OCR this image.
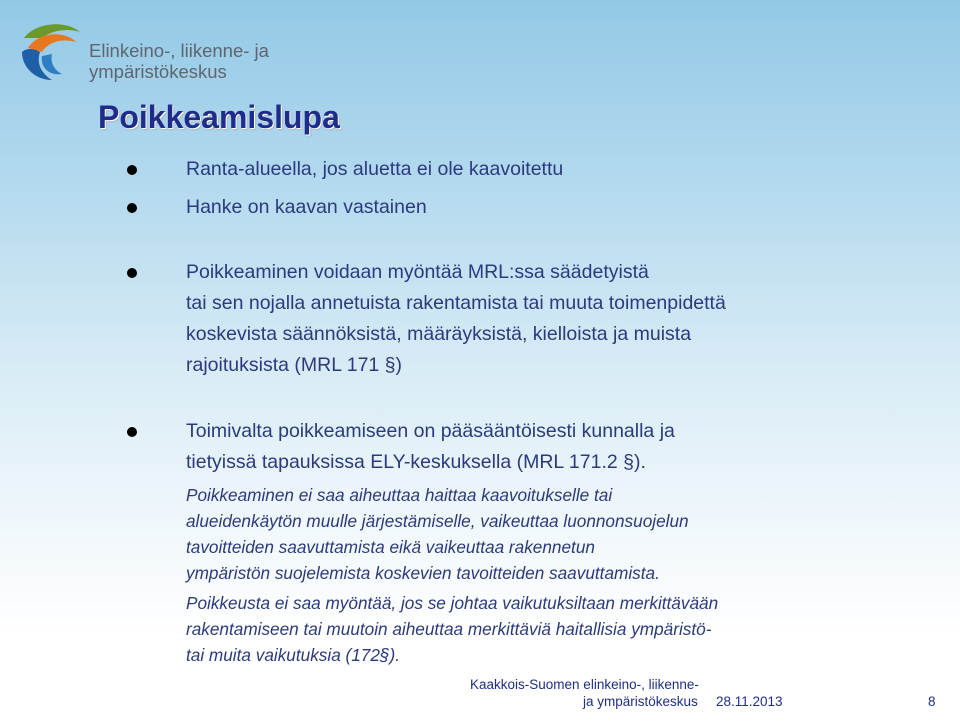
Elinkeino-, liikenne- ja
ympäristökeskus
Poikkeamislupa

Ranta-alueella, jos aluetta ei ole kaavoitettu

Hanke on kaavan vastainen

Poikkeaminen voidaan myöntää MRL:ssa säädetyistä
tai sen nojalla annetuista rakentamista tai muuta toimenpidettä
koskevista säännöksistä, määräyksistä, kielloista ja muista
rajoituksista (MRL 171 §)
Toimivalta poikkeamiseen on pääsääntöisesti kunnalla ja
tietyissä tapauksissa ELY-keskuksella (MRL 171.2 §).
Poikkeaminen ei saa aiheuttaa haittaa kaavoitukselle tai
alueidenkäytön muulle järjestämiselle, vaikeuttaa luonnonsuojelun
tavoitteiden saavuttamista eikä vaikeuttaa rakennetun
ympäristön suojelemista koskevien tavoitteiden saavuttamista.
Poikkeusta ei saa myöntää, jos se johtaa vaikutuksiltaan merkittävään
rakentamiseen tai muutoin aiheuttaa merkittäviä haitallisia ympäristö-
tai muita vaikutuksia (172§).
Kaakkois-Suomen elinkeino-, liikenne-
ja ympäristökeskus 28.11.2013	8
